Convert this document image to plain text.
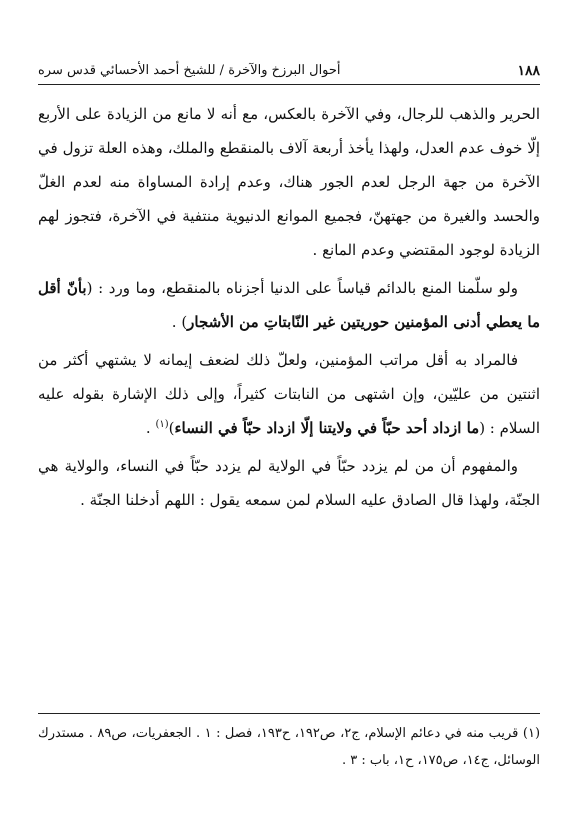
١٨٨
أحوال البرزخ والآخرة / للشيخ أحمد الأحسائي قدس سره

الحرير والذهب للرجال، وفي الآخرة بالعكس، مع أنه لا مانع من الزيادة على الأربع إلّا خوف عدم العدل، ولهذا يأخذ أربعة آلاف بالمنقطع والملك، وهذه العلة تزول في الآخرة من جهة الرجل لعدم الجور هناك، وعدم إرادة المساواة منه لعدم الغلّ والحسد والغيرة من جهتهنّ، فجميع الموانع الدنيوية منتفية في الآخرة، فتجوز لهم الزيادة لوجود المقتضي وعدم المانع .

ولو سلّمنا المنع بالدائم قياساً على الدنيا أجزناه بالمنقطع، وما ورد : (بأنّ أقل ما يعطي أدنى المؤمنين حوريتين غير النّابتاتِ من الأشجار) .

فالمراد به أقل مراتب المؤمنين، ولعلّ ذلك لضعف إيمانه لا يشتهي أكثر من اثنتين من عليّين، وإن اشتهى من النابتات كثيراً، وإلى ذلك الإشارة بقوله عليه السلام : (ما ازداد أحد حبّاً في ولايتنا إلّا ازداد حبّاً في النساء)$^{(١)}$ .

والمفهوم أن من لم يزدد حبّاً في الولاية لم يزدد حبّاً في النساء، والولاية هي الجنّة، ولهذا قال الصادق عليه السلام لمن سمعه يقول : اللهم أدخلنا الجنّة .

(١) قريب منه في دعائم الإسلام، ج٢، ص١٩٢، ح١٩٣، فصل : ١ . الجعفريات، ص٨٩ . مستدرك الوسائل، ج١٤، ص١٧٥، ح١، باب : ٣ .
